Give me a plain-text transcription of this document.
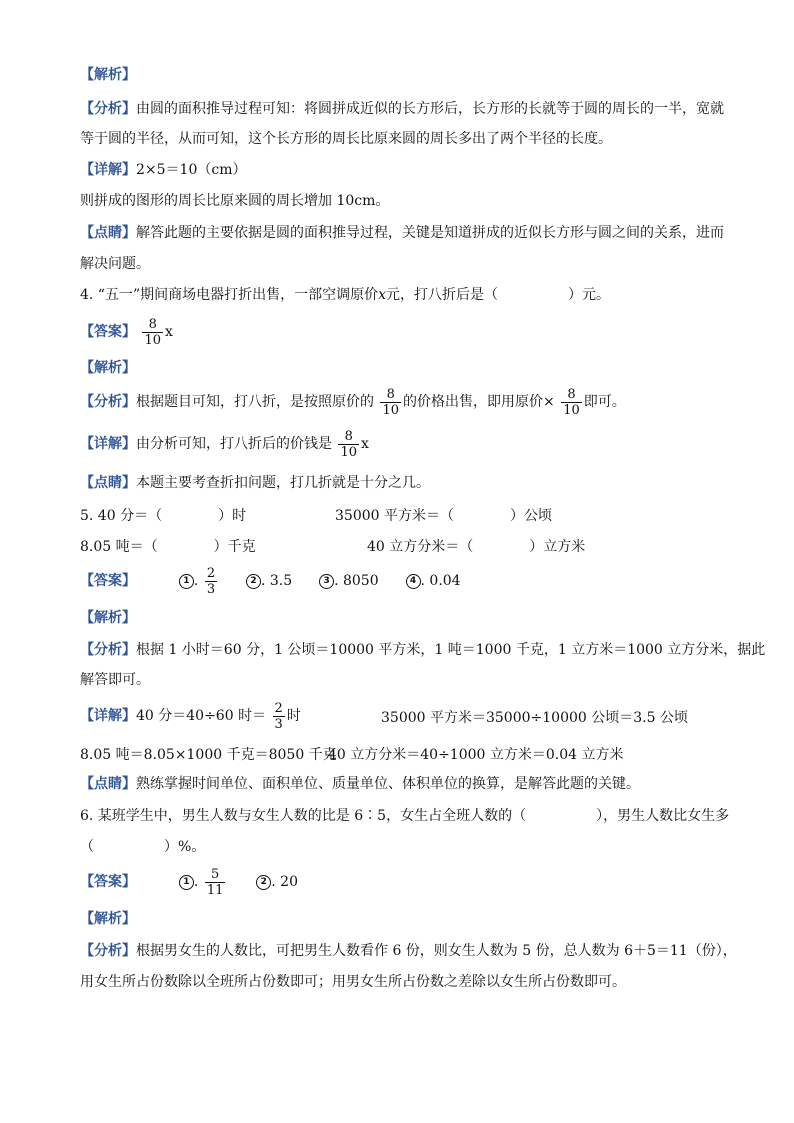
【解析】
【分析】由圆的面积推导过程可知：将圆拼成近似的长方形后，长方形的长就等于圆的周长的一半，宽就
等于圆的半径，从而可知，这个长方形的周长比原来圆的周长多出了两个半径的长度。
【详解】2×5＝10（cm）
则拼成的图形的周长比原来圆的周长增加 10cm。
【点睛】解答此题的主要依据是圆的面积推导过程，关键是知道拼成的近似长方形与圆之间的关系，进而
解决问题。
4. “五一”期间商场电器打折出售，一部空调原价x元，打八折后是（　　　　　）元。
【答案】 $\frac{8}{10}$ x
【解析】
【分析】根据题目可知，打八折，是按照原价的 $\frac{8}{10}$ 的价格出售，即用原价× $\frac{8}{10}$ 即可。
【详解】由分析可知，打八折后的价钱是 $\frac{8}{10}$ x
【点睛】本题主要考查折扣问题，打几折就是十分之几。
5. 40 分＝（　　　　）时	35000 平方米＝（　　　　）公顷
8.05 吨＝（　　　　）千克	40 立方分米＝（　　　　）立方米
【答案】	1 . $\frac{2}{3}$	2 . 3.5	3 . 8050	4 . 0.04
【解析】
【分析】根据 1 小时＝60 分，1 公顷＝10000 平方米，1 吨＝1000 千克，1 立方米＝1000 立方分米，据此
解答即可。
【详解】40 分＝40÷60 时＝ $\frac{2}{3}$ 时	35000 平方米＝35000÷10000 公顷＝3.5 公顷
8.05 吨＝8.05×1000 千克＝8050 千克
40 立方分米＝40÷1000 立方米＝0.04 立方米
【点睛】熟练掌握时间单位、面积单位、质量单位、体积单位的换算，是解答此题的关键。
6. 某班学生中，男生人数与女生人数的比是 6∶5，女生占全班人数的（　　　　　），男生人数比女生多
（　　　　　）%。
【答案】	1 . $\frac{5}{11}$	2 . 20
【解析】
【分析】根据男女生的人数比，可把男生人数看作 6 份，则女生人数为 5 份，总人数为 6＋5＝11（份），
用女生所占份数除以全班所占份数即可；用男女生所占份数之差除以女生所占份数即可。
